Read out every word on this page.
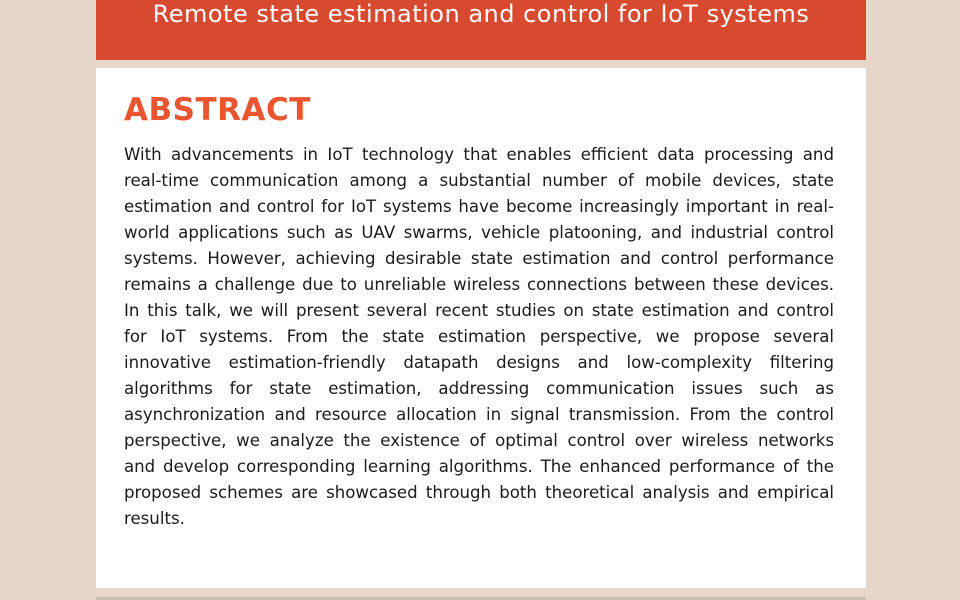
Remote state estimation and control for IoT systems
ABSTRACT
With advancements in IoT technology that enables efficient data processing and real-time communication among a substantial number of mobile devices, state estimation and control for IoT systems have become increasingly important in real-world applications such as UAV swarms, vehicle platooning, and industrial control systems. However, achieving desirable state estimation and control performance remains a challenge due to unreliable wireless connections between these devices. In this talk, we will present several recent studies on state estimation and control for IoT systems. From the state estimation perspective, we propose several innovative estimation-friendly datapath designs and low-complexity filtering algorithms for state estimation, addressing communication issues such as asynchronization and resource allocation in signal transmission. From the control perspective, we analyze the existence of optimal control over wireless networks and develop corresponding learning algorithms. The enhanced performance of the proposed schemes are showcased through both theoretical analysis and empirical results.
